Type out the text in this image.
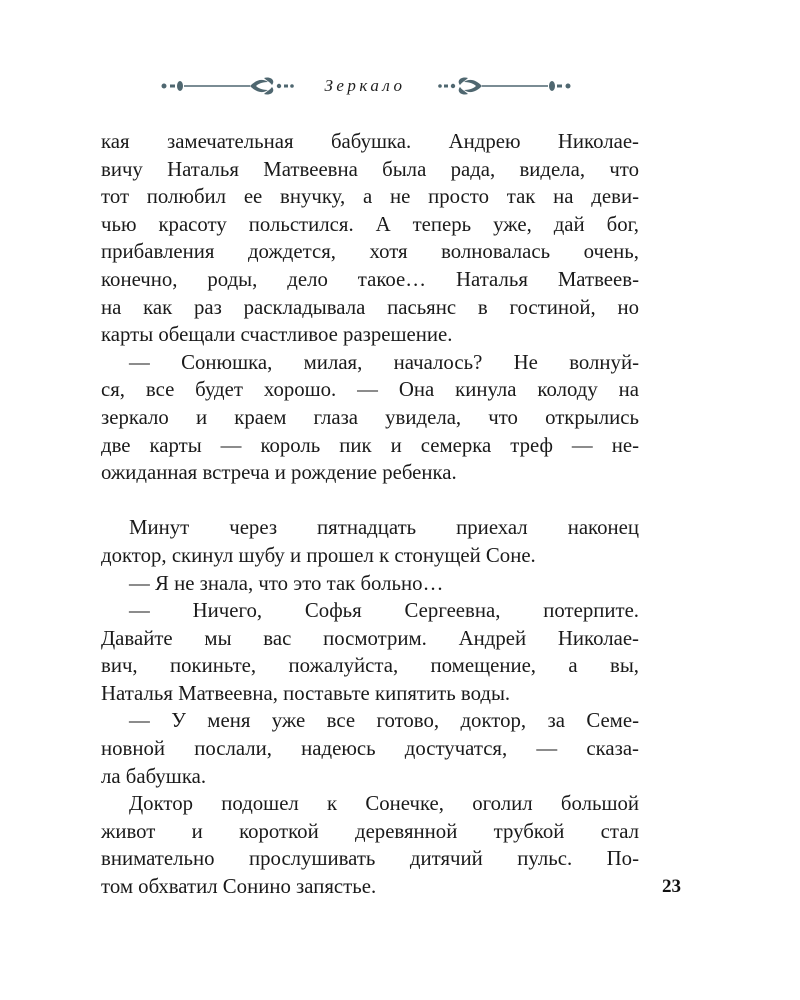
Зеркало
кая замечательная бабушка. Андрею Николае-
вичу Наталья Матвеевна была рада, видела, что
тот полюбил ее внучку, а не просто так на деви-
чью красоту польстился. А теперь уже, дай бог,
прибавления дождется, хотя волновалась очень,
конечно, роды, дело такое… Наталья Матвеев-
на как раз раскладывала пасьянс в гостиной, но
карты обещали счастливое разрешение.
— Сонюшка, милая, началось? Не волнуй-
ся, все будет хорошо. — Она кинула колоду на
зеркало и краем глаза увидела, что открылись
две карты — король пик и семерка треф — не-
ожиданная встреча и рождение ребенка.
Минут через пятнадцать приехал наконец
доктор, скинул шубу и прошел к стонущей Соне.
— Я не знала, что это так больно…
— Ничего, Софья Сергеевна, потерпите.
Давайте мы вас посмотрим. Андрей Николае-
вич, покиньте, пожалуйста, помещение, а вы,
Наталья Матвеевна, поставьте кипятить воды.
— У меня уже все готово, доктор, за Семе-
новной послали, надеюсь достучатся, — сказа-
ла бабушка.
Доктор подошел к Сонечке, оголил большой
живот и короткой деревянной трубкой стал
внимательно прослушивать дитячий пульс. По-
том обхватил Сонино запястье.	23
